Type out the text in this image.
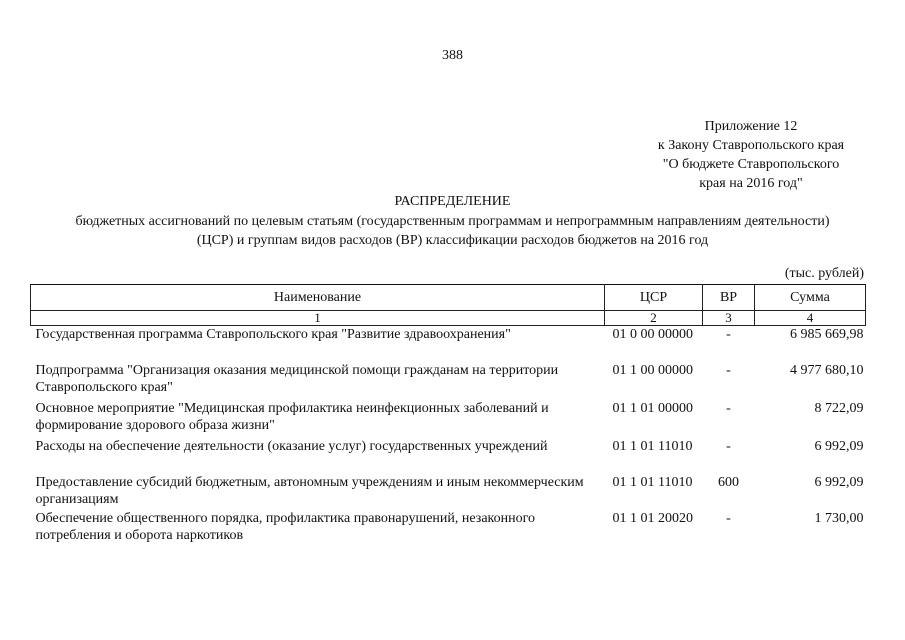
388
Приложение 12
к Закону Ставропольского края
"О бюджете Ставропольского
края на 2016 год"
РАСПРЕДЕЛЕНИЕ
бюджетных ассигнований по целевым статьям (государственным программам и непрограммным направлениям деятельности)
(ЦСР) и группам видов расходов (ВР) классификации расходов бюджетов на 2016 год
(тыс. рублей)
Наименование	ЦСР	ВР	Сумма
1	2	3	4
Государственная программа Ставропольского края "Развитие здравоохранения"	01 0 00 00000	-	6 985 669,98
Подпрограмма "Организация оказания медицинской помощи гражданам на территории Ставропольского края"	01 1 00 00000	-	4 977 680,10
Основное мероприятие "Медицинская профилактика неинфекционных заболеваний и формирование здорового образа жизни"	01 1 01 00000	-	8 722,09
Расходы на обеспечение деятельности (оказание услуг) государственных учреждений	01 1 01 11010	-	6 992,09
Предоставление субсидий бюджетным, автономным учреждениям и иным некоммерческим организациям	01 1 01 11010	600	6 992,09
Обеспечение общественного порядка, профилактика правонарушений, незаконного потребления и оборота наркотиков	01 1 01 20020	-	1 730,00
